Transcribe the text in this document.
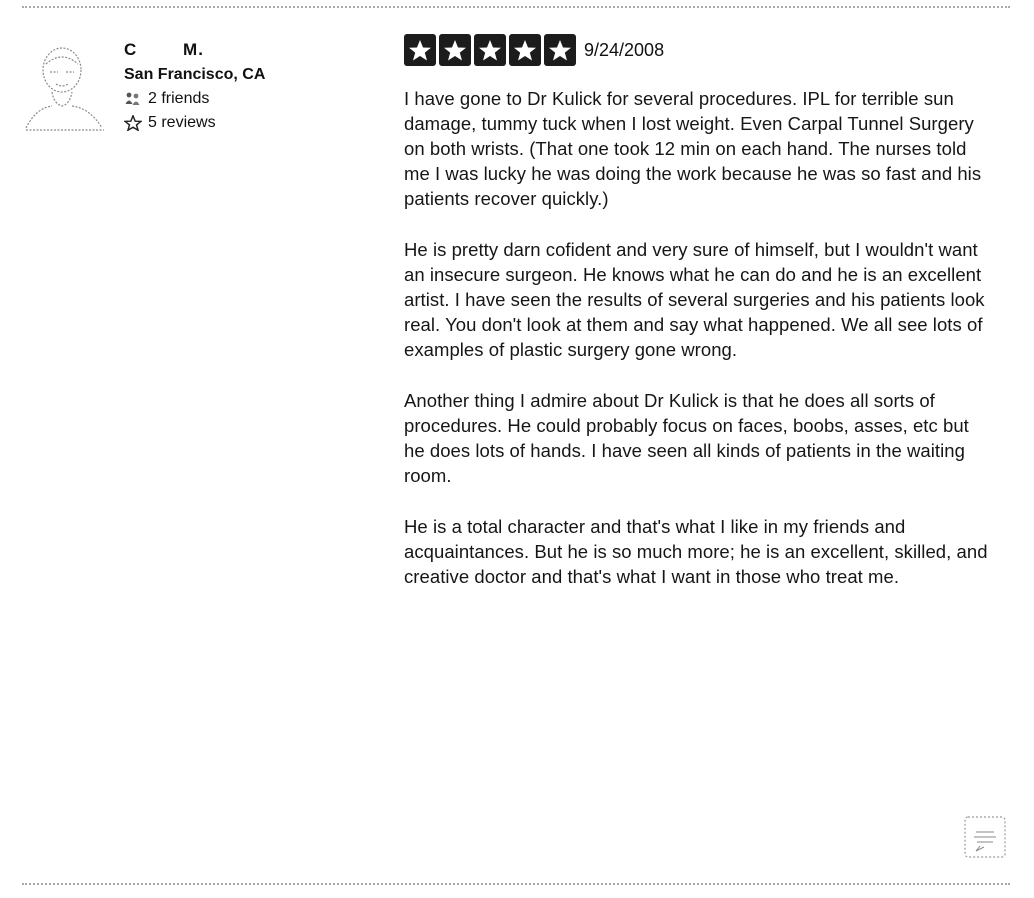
C        M.
San Francisco, CA
2 friends
5 reviews
9/24/2008

I have gone to Dr Kulick for several procedures. IPL for terrible sun damage, tummy tuck when I lost weight. Even Carpal Tunnel Surgery on both wrists. (That one took 12 min on each hand. The nurses told me I was lucky he was doing the work because he was so fast and his patients recover quickly.)

He is pretty darn cofident and very sure of himself, but I wouldn't want an insecure surgeon. He knows what he can do and he is an excellent artist. I have seen the results of several surgeries and his patients look real. You don't look at them and say what happened. We all see lots of examples of plastic surgery gone wrong.

Another thing I admire about Dr Kulick is that he does all sorts of procedures. He could probably focus on faces, boobs, asses, etc but he does lots of hands. I have seen all kinds of patients in the waiting room.

He is a total character and that's what I like in my friends and acquaintances. But he is so much more; he is an excellent, skilled, and creative doctor and that's what I want in those who treat me.
